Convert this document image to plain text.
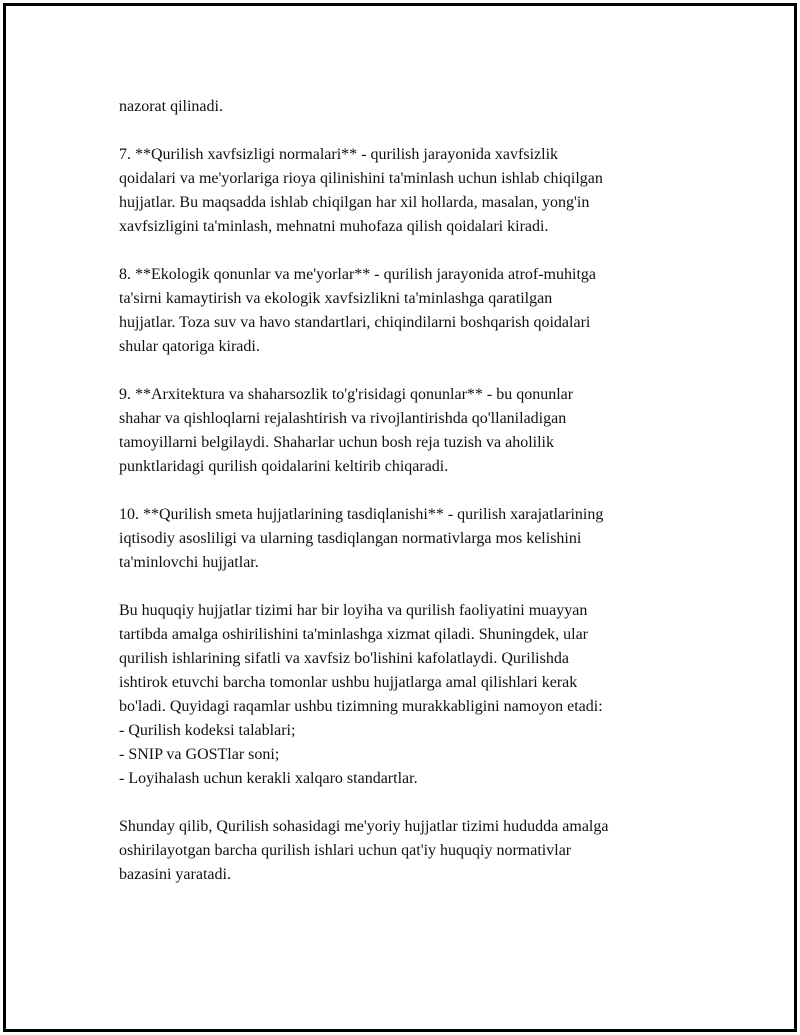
nazorat qilinadi.

7. **Qurilish xavfsizligi normalari** - qurilish jarayonida xavfsizlik
qoidalari va me'yorlariga rioya qilinishini ta'minlash uchun ishlab chiqilgan
hujjatlar. Bu maqsadda ishlab chiqilgan har xil hollarda, masalan, yong'in
xavfsizligini ta'minlash, mehnatni muhofaza qilish qoidalari kiradi.

8. **Ekologik qonunlar va me'yorlar** - qurilish jarayonida atrof-muhitga
ta'sirni kamaytirish va ekologik xavfsizlikni ta'minlashga qaratilgan
hujjatlar. Toza suv va havo standartlari, chiqindilarni boshqarish qoidalari
shular qatoriga kiradi.

9. **Arxitektura va shaharsozlik to'g'risidagi qonunlar** - bu qonunlar
shahar va qishloqlarni rejalashtirish va rivojlantirishda qo'llaniladigan
tamoyillarni belgilaydi. Shaharlar uchun bosh reja tuzish va aholilik
punktlaridagi qurilish qoidalarini keltirib chiqaradi.

10. **Qurilish smeta hujjatlarining tasdiqlanishi** - qurilish xarajatlarining
iqtisodiy asosliligi va ularning tasdiqlangan normativlarga mos kelishini
ta'minlovchi hujjatlar.

Bu huquqiy hujjatlar tizimi har bir loyiha va qurilish faoliyatini muayyan
tartibda amalga oshirilishini ta'minlashga xizmat qiladi. Shuningdek, ular
qurilish ishlarining sifatli va xavfsiz bo'lishini kafolatlaydi. Qurilishda
ishtirok etuvchi barcha tomonlar ushbu hujjatlarga amal qilishlari kerak
bo'ladi. Quyidagi raqamlar ushbu tizimning murakkabligini namoyon etadi:
- Qurilish kodeksi talablari;
- SNIP va GOSTlar soni;
- Loyihalash uchun kerakli xalqaro standartlar.

Shunday qilib, Qurilish sohasidagi me'yoriy hujjatlar tizimi hududda amalga
oshirilayotgan barcha qurilish ishlari uchun qat'iy huquqiy normativlar
bazasini yaratadi.
